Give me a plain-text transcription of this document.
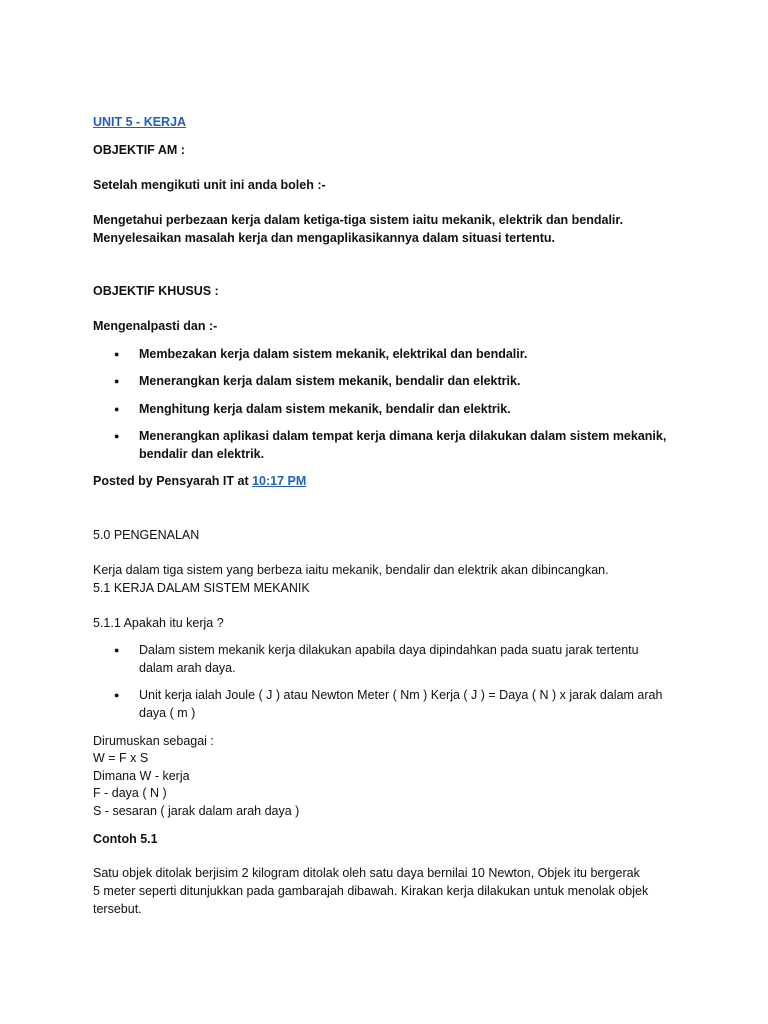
UNIT 5 - KERJA
OBJEKTIF AM :
Setelah mengikuti unit ini anda boleh :-
Mengetahui perbezaan kerja dalam ketiga-tiga sistem iaitu mekanik, elektrik dan bendalir.
Menyelesaikan masalah kerja dan mengaplikasikannya dalam situasi tertentu.
OBJEKTIF KHUSUS :
Mengenalpasti dan :-
●	Membezakan kerja dalam sistem mekanik, elektrikal dan bendalir.
●	Menerangkan kerja dalam sistem mekanik, bendalir dan elektrik.
●	Menghitung kerja dalam sistem mekanik, bendalir dan elektrik.
●	Menerangkan aplikasi dalam tempat kerja dimana kerja dilakukan dalam sistem mekanik,
bendalir dan elektrik.
Posted by Pensyarah IT at 10:17 PM
5.0 PENGENALAN
Kerja dalam tiga sistem yang berbeza iaitu mekanik, bendalir dan elektrik akan dibincangkan.
5.1 KERJA DALAM SISTEM MEKANIK
5.1.1 Apakah itu kerja ?
●	Dalam sistem mekanik kerja dilakukan apabila daya dipindahkan pada suatu jarak tertentu
dalam arah daya.
●	Unit kerja ialah Joule ( J ) atau Newton Meter ( Nm ) Kerja ( J ) = Daya ( N ) x jarak dalam arah
daya ( m )
Dirumuskan sebagai :
W = F x S
Dimana W - kerja
F - daya ( N )
S - sesaran ( jarak dalam arah daya )
Contoh 5.1
Satu objek ditolak berjisim 2 kilogram ditolak oleh satu daya bernilai 10 Newton, Objek itu bergerak
5 meter seperti ditunjukkan pada gambarajah dibawah. Kirakan kerja dilakukan untuk menolak objek
tersebut.
